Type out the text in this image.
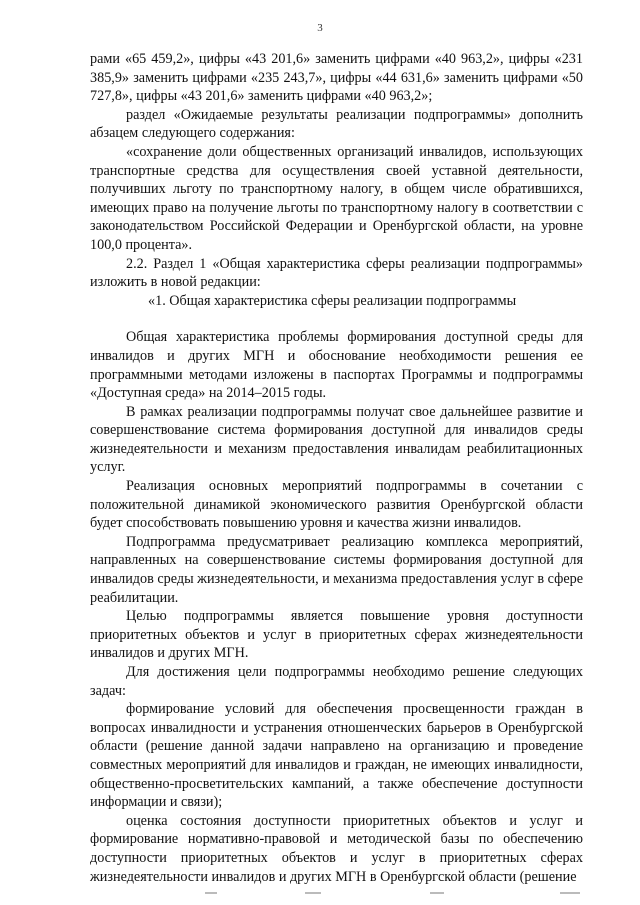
3

рами «65 459,2», цифры «43 201,6» заменить цифрами «40 963,2», цифры «231 385,9» заменить цифрами «235 243,7», цифры «44 631,6» заменить цифрами «50 727,8», цифры «43 201,6» заменить цифрами «40 963,2»;

раздел «Ожидаемые результаты реализации подпрограммы» дополнить абзацем следующего содержания:

«сохранение доли общественных организаций инвалидов, использующих транспортные средства для осуществления своей уставной деятельности, получивших льготу по транспортному налогу, в общем числе обратившихся, имеющих право на получение льготы по транспортному налогу в соответствии с законодательством Российской Федерации и Оренбургской области, на уровне 100,0 процента».

2.2. Раздел 1 «Общая характеристика сферы реализации подпрограммы» изложить в новой редакции:

«1. Общая характеристика сферы реализации подпрограммы

Общая характеристика проблемы формирования доступной среды для инвалидов и других МГН и обоснование необходимости решения ее программными методами изложены в паспортах Программы и подпрограммы «Доступная среда» на 2014–2015 годы.

В рамках реализации подпрограммы получат свое дальнейшее развитие и совершенствование система формирования доступной для инвалидов среды жизнедеятельности и механизм предоставления инвалидам реабилитационных услуг.

Реализация основных мероприятий подпрограммы в сочетании с положительной динамикой экономического развития Оренбургской области будет способствовать повышению уровня и качества жизни инвалидов.

Подпрограмма предусматривает реализацию комплекса мероприятий, направленных на совершенствование системы формирования доступной для инвалидов среды жизнедеятельности, и механизма предоставления услуг в сфере реабилитации.

Целью подпрограммы является повышение уровня доступности приоритетных объектов и услуг в приоритетных сферах жизнедеятельности инвалидов и других МГН.

Для достижения цели подпрограммы необходимо решение следующих задач:

формирование условий для обеспечения просвещенности граждан в вопросах инвалидности и устранения отношенческих барьеров в Оренбургской области (решение данной задачи направлено на организацию и проведение совместных мероприятий для инвалидов и граждан, не имеющих инвалидности, общественно-просветительских кампаний, а также обеспечение доступности информации и связи);

оценка состояния доступности приоритетных объектов и услуг и формирование нормативно-правовой и методической базы по обеспечению доступности приоритетных объектов и услуг в приоритетных сферах жизнедеятельности инвалидов и других МГН в Оренбургской области (решение
